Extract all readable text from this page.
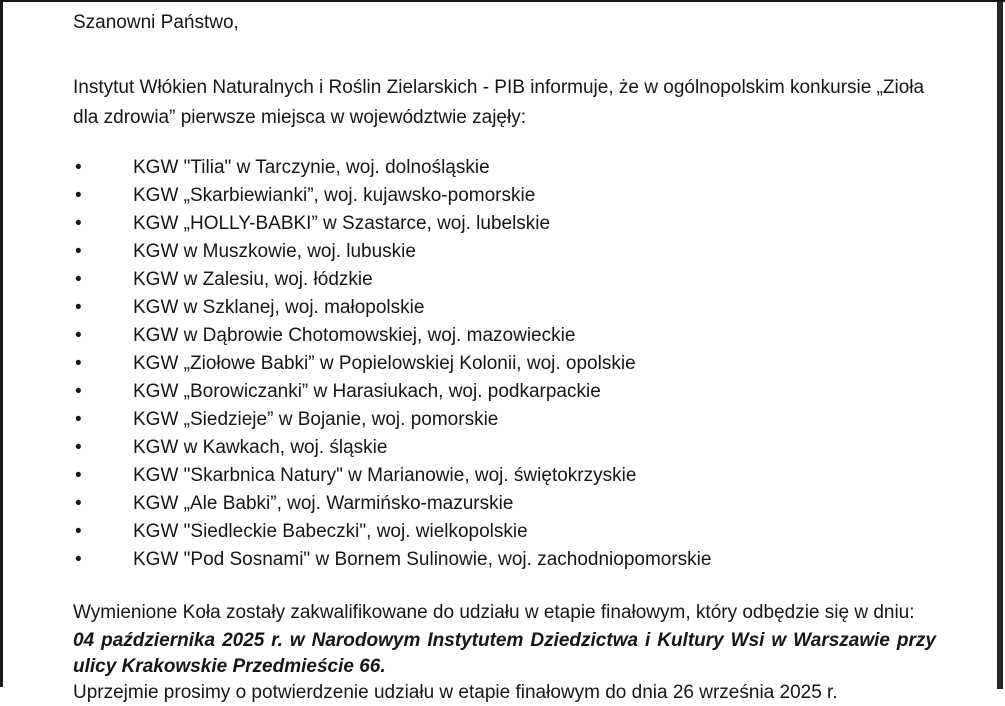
Szanowni Państwo,

Instytut Włókien Naturalnych i Roślin Zielarskich - PIB informuje, że w ogólnopolskim konkursie „Zioła dla zdrowia” pierwsze miejsca w województwie zajęły:

•	KGW "Tilia" w Tarczynie, woj. dolnośląskie
•	KGW „Skarbiewianki”, woj. kujawsko-pomorskie
•	KGW „HOLLY-BABKI” w Szastarce, woj. lubelskie
•	KGW w Muszkowie, woj. lubuskie
•	KGW w Zalesiu, woj. łódzkie
•	KGW w Szklanej, woj. małopolskie
•	KGW w Dąbrowie Chotomowskiej, woj. mazowieckie
•	KGW „Ziołowe Babki” w Popielowskiej Kolonii, woj. opolskie
•	KGW „Borowiczanki” w Harasiukach, woj. podkarpackie
•	KGW „Siedzieje” w Bojanie, woj. pomorskie
•	KGW w Kawkach, woj. śląskie
•	KGW "Skarbnica Natury" w Marianowie, woj. świętokrzyskie
•	KGW „Ale Babki”, woj. Warmińsko-mazurskie
•	KGW "Siedleckie Babeczki", woj. wielkopolskie
•	KGW "Pod Sosnami" w Bornem Sulinowie, woj. zachodniopomorskie

Wymienione Koła zostały zakwalifikowane do udziału w etapie finałowym, który odbędzie się w dniu:

04 października 2025 r. w Narodowym Instytutem Dziedzictwa i Kultury Wsi w Warszawie przy ulicy Krakowskie Przedmieście 66.

Uprzejmie prosimy o potwierdzenie udziału w etapie finałowym do dnia 26 września 2025 r.
